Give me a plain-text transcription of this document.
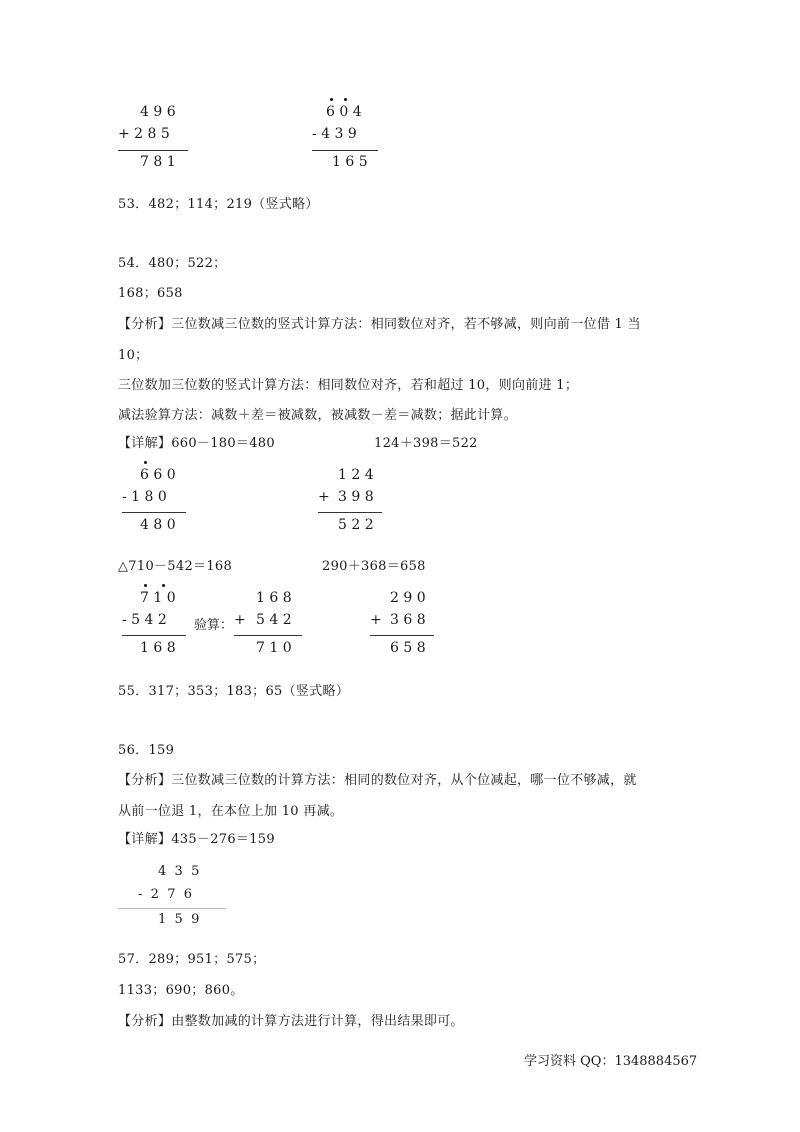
4 9 6
+ 2 8 5
7 8 1
6 0 4
- 4 3 9
1 6 5
53．482；114；219（竖式略）
54．480；522；
168；658
【分析】三位数减三位数的竖式计算方法：相同数位对齐，若不够减，则向前一位借 1 当
10；
三位数加三位数的竖式计算方法：相同数位对齐，若和超过 10，则向前进 1；
减法验算方法：减数＋差＝被减数，被减数－差＝减数；据此计算。
【详解】660－180＝480	124＋398＝522
6 6 0
- 1 8 0
4 8 0
1 2 4
+ 3 9 8
5 2 2
△710－542＝168	290＋368＝658
7 1 0
- 5 4 2
1 6 8
验算：
1 6 8
+ 5 4 2
7 1 0
2 9 0
+ 3 6 8
6 5 8
55．317；353；183；65（竖式略）
56．159
【分析】三位数减三位数的计算方法：相同的数位对齐，从个位减起，哪一位不够减，就
从前一位退 1，在本位上加 10 再减。
【详解】435－276＝159
4  3  5
-  2  7  6
1  5  9
57．289；951；575；
1133；690；860。
【分析】由整数加减的计算方法进行计算，得出结果即可。
学习资料 QQ：1348884567
